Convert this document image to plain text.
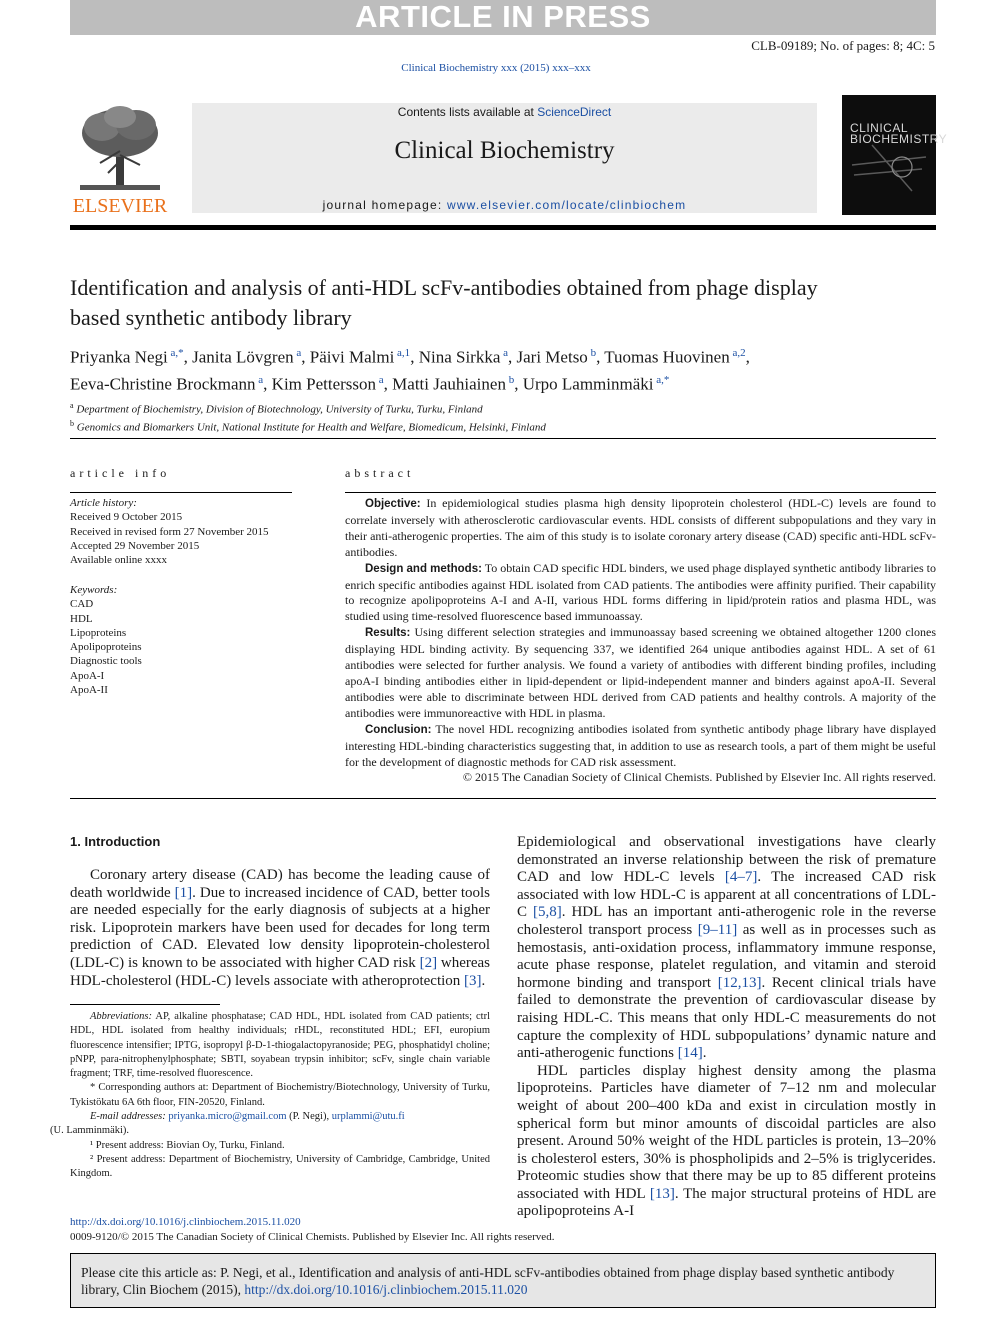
ARTICLE IN PRESS
CLB-09189; No. of pages: 8; 4C: 5
Clinical Biochemistry xxx (2015) xxx–xxx
ELSEVIER
Contents lists available at ScienceDirect
Clinical Biochemistry
journal homepage: www.elsevier.com/locate/clinbiochem
CLINICAL BIOCHEMISTRY
Identification and analysis of anti-HDL scFv-antibodies obtained from phage display based synthetic antibody library
Priyanka Negi $^{a,*}$, Janita Lövgren $^a$, Päivi Malmi $^{a,1}$, Nina Sirkka $^a$, Jari Metso $^b$, Tuomas Huovinen $^{a,2}$,
Eeva-Christine Brockmann $^a$, Kim Pettersson $^a$, Matti Jauhiainen $^b$, Urpo Lamminmäki $^{a,*}$
$^a$ Department of Biochemistry, Division of Biotechnology, University of Turku, Turku, Finland
$^b$ Genomics and Biomarkers Unit, National Institute for Health and Welfare, Biomedicum, Helsinki, Finland
article info	abstract
Article history:
Received 9 October 2015
Received in revised form 27 November 2015
Accepted 29 November 2015
Available online xxxx
Keywords:
CAD
HDL
Lipoproteins
Apolipoproteins
Diagnostic tools
ApoA-I
ApoA-II

Objective: In epidemiological studies plasma high density lipoprotein cholesterol (HDL-C) levels are found to correlate inversely with atherosclerotic cardiovascular events. HDL consists of different subpopulations and they vary in their anti-atherogenic properties. The aim of this study is to isolate coronary artery disease (CAD) specific anti-HDL scFv-antibodies.

Design and methods: To obtain CAD specific HDL binders, we used phage displayed synthetic antibody libraries to enrich specific antibodies against HDL isolated from CAD patients. The antibodies were affinity purified. Their capability to recognize apolipoproteins A-I and A-II, various HDL forms differing in lipid/protein ratios and plasma HDL, was studied using time-resolved fluorescence based immunoassay.

Results: Using different selection strategies and immunoassay based screening we obtained altogether 1200 clones displaying HDL binding activity. By sequencing 337, we identified 264 unique antibodies against HDL. A set of 61 antibodies were selected for further analysis. We found a variety of antibodies with different binding profiles, including apoA-I binding antibodies either in lipid-dependent or lipid-independent manner and binders against apoA-II. Several antibodies were able to discriminate between HDL derived from CAD patients and healthy controls. A majority of the antibodies were immunoreactive with HDL in plasma.

Conclusion: The novel HDL recognizing antibodies isolated from synthetic antibody phage library have displayed interesting HDL-binding characteristics suggesting that, in addition to use as research tools, a part of them might be useful for the development of diagnostic methods for CAD risk assessment.

© 2015 The Canadian Society of Clinical Chemists. Published by Elsevier Inc. All rights reserved.

1. Introduction

Coronary artery disease (CAD) has become the leading cause of death worldwide [1]. Due to increased incidence of CAD, better tools are needed especially for the early diagnosis of subjects at a higher risk. Lipoprotein markers have been used for decades for long term prediction of CAD. Elevated low density lipoprotein-cholesterol (LDL-C) is known to be associated with higher CAD risk [2] whereas HDL-cholesterol (HDL-C) levels associate with atheroprotection [3].

Epidemiological and observational investigations have clearly demonstrated an inverse relationship between the risk of premature CAD and low HDL-C levels [4–7]. The increased CAD risk associated with low HDL-C is apparent at all concentrations of LDL-C [5,8]. HDL has an important anti-atherogenic role in the reverse cholesterol transport process [9–11] as well as in processes such as hemostasis, anti-oxidation process, inflammatory immune response, acute phase response, platelet regulation, and vitamin and steroid hormone binding and transport [12,13]. Recent clinical trials have failed to demonstrate the prevention of cardiovascular disease by raising HDL-C. This means that only HDL-C measurements do not capture the complexity of HDL subpopulations’ dynamic nature and anti-atherogenic functions [14].

HDL particles display highest density among the plasma lipoproteins. Particles have diameter of 7–12 nm and molecular weight of about 200–400 kDa and exist in circulation mostly in spherical form but minor amounts of discoidal particles are also present. Around 50% weight of the HDL particles is protein, 13–20% is cholesterol esters, 30% is phospholipids and 2–5% is triglycerides. Proteomic studies show that there may be up to 85 different proteins associated with HDL [13]. The major structural proteins of HDL are apolipoproteins A-I

Abbreviations: AP, alkaline phosphatase; CAD HDL, HDL isolated from CAD patients; ctrl HDL, HDL isolated from healthy individuals; rHDL, reconstituted HDL; EFI, europium fluorescence intensifier; IPTG, isopropyl β-D-1-thiogalactopyranoside; PEG, phosphatidyl choline; pNPP, para-nitrophenylphosphate; SBTI, soyabean trypsin inhibitor; scFv, single chain variable fragment; TRF, time-resolved fluorescence.

* Corresponding authors at: Department of Biochemistry/Biotechnology, University of Turku, Tykistökatu 6A 6th floor, FIN-20520, Finland.

E-mail addresses: priyanka.micro@gmail.com (P. Negi), urplammi@utu.fi
(U. Lamminmäki).

¹ Present address: Biovian Oy, Turku, Finland.

² Present address: Department of Biochemistry, University of Cambridge, Cambridge, United Kingdom.

http://dx.doi.org/10.1016/j.clinbiochem.2015.11.020
0009-9120/© 2015 The Canadian Society of Clinical Chemists. Published by Elsevier Inc. All rights reserved.
Please cite this article as: P. Negi, et al., Identification and analysis of anti-HDL scFv-antibodies obtained from phage display based synthetic antibody library, Clin Biochem (2015), http://dx.doi.org/10.1016/j.clinbiochem.2015.11.020
